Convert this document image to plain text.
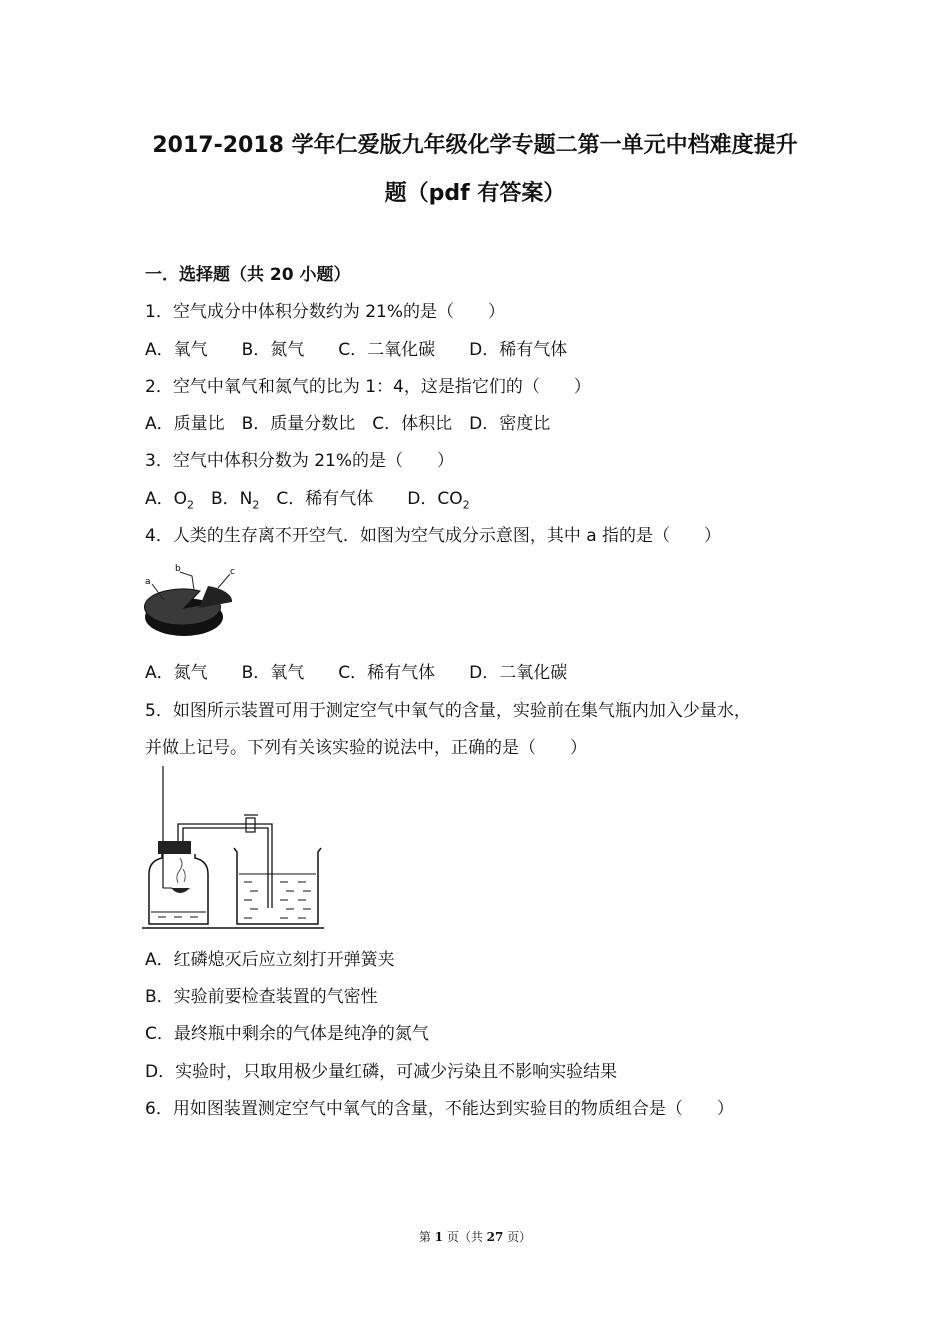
2017-2018 学年仁爱版九年级化学专题二第一单元中档难度提升
题（pdf 有答案）
一．选择题（共 20 小题）
1．空气成分中体积分数约为 21%的是（　　）
A．氧气　　B．氮气　　C．二氧化碳　　D．稀有气体
2．空气中氧气和氮气的比为 1：4，这是指它们的（　　）
A．质量比　B．质量分数比　C．体积比　D．密度比
3．空气中体积分数为 21%的是（　　）
A．$O_2$　B．$N_2$　C．稀有气体　　D．$CO_2$
4．人类的生存离不开空气．如图为空气成分示意图，其中 a 指的是（　　）
a
b	c
A．氮气　　B．氧气　　C．稀有气体　　D．二氧化碳
5．如图所示装置可用于测定空气中氧气的含量，实验前在集气瓶内加入少量水，
并做上记号。下列有关该实验的说法中，正确的是（　　）
A．红磷熄灭后应立刻打开弹簧夹
B．实验前要检查装置的气密性
C．最终瓶中剩余的气体是纯净的氮气
D．实验时，只取用极少量红磷，可减少污染且不影响实验结果
6．用如图装置测定空气中氧气的含量，不能达到实验目的物质组合是（　　）
第 1 页（共 27 页）
